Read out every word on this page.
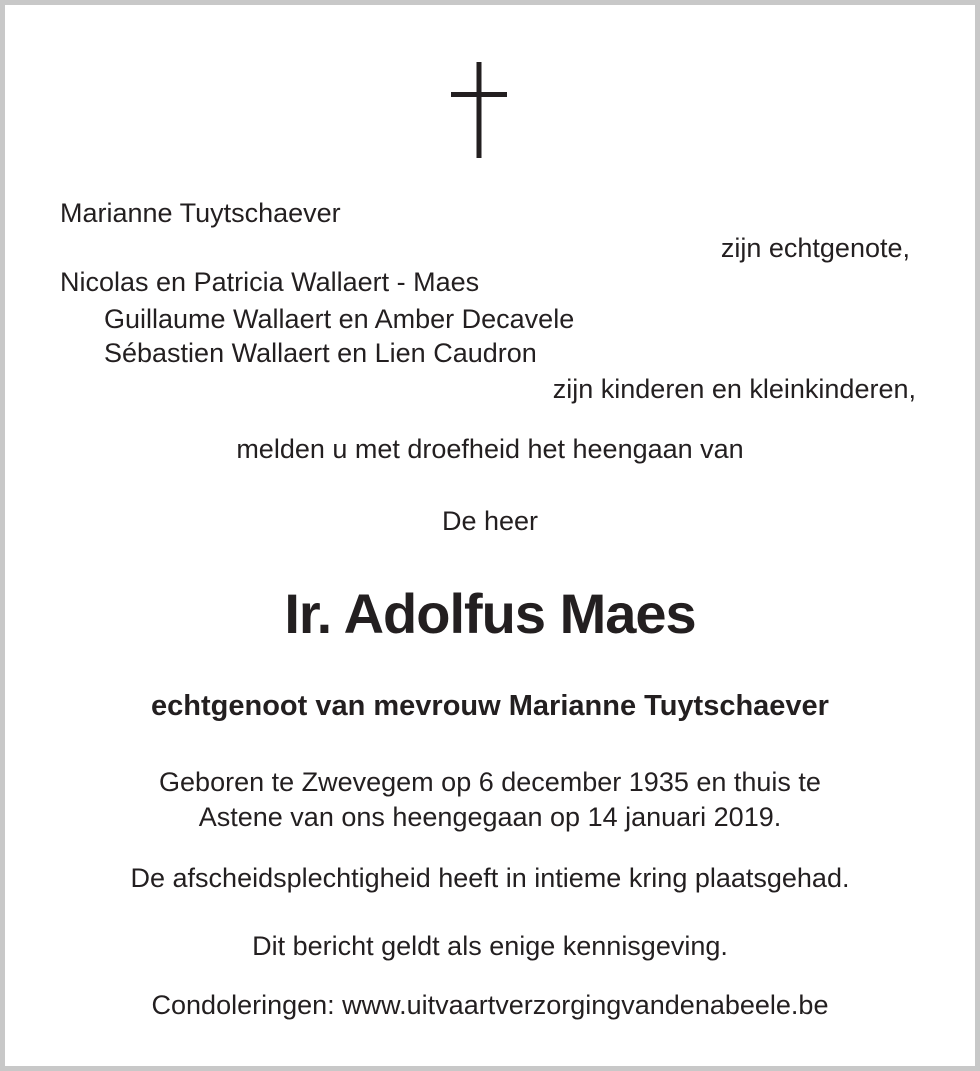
Marianne Tuytschaever
zijn echtgenote,
Nicolas en Patricia Wallaert - Maes
Guillaume Wallaert en Amber Decavele
Sébastien Wallaert en Lien Caudron
zijn kinderen en kleinkinderen,
melden u met droefheid het heengaan van
De heer
Ir. Adolfus Maes
echtgenoot van mevrouw Marianne Tuytschaever
Geboren te Zwevegem op 6 december 1935 en thuis te
Astene van ons heengegaan op 14 januari 2019.
De afscheidsplechtigheid heeft in intieme kring plaatsgehad.
Dit bericht geldt als enige kennisgeving.
Condoleringen: www.uitvaartverzorgingvandenabeele.be
